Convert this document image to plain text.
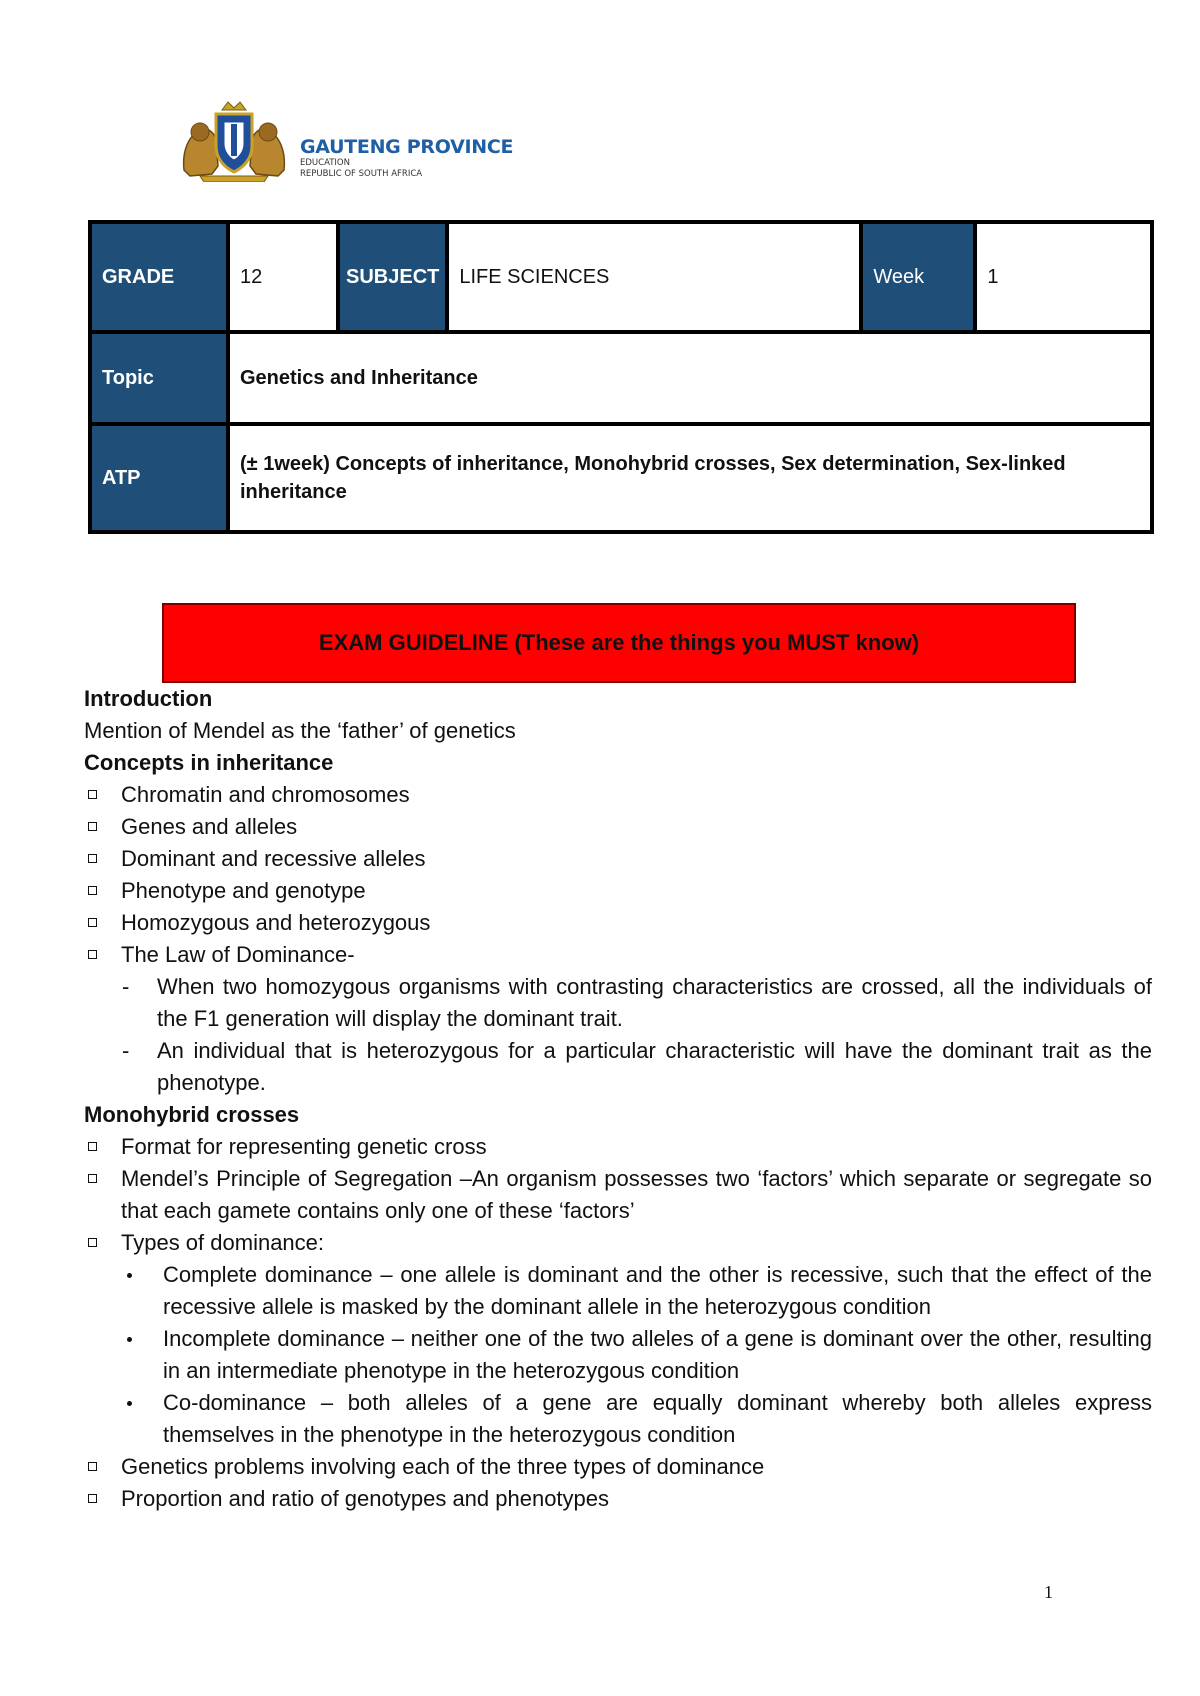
GAUTENG PROVINCE
EDUCATION
REPUBLIC OF SOUTH AFRICA
GRADE	12	SUBJECT	LIFE SCIENCES	Week	1
Topic	Genetics and Inheritance				
ATP	(± 1week) Concepts of inheritance, Monohybrid crosses, Sex determination, Sex-linked inheritance				
EXAM GUIDELINE (These are the things you MUST know)
Introduction
Mention of Mendel as the ‘father’ of genetics
Concepts in inheritance
Chromatin and chromosomes
Genes and alleles
Dominant and recessive alleles
Phenotype and genotype
Homozygous and heterozygous
The Law of Dominance-
- When two homozygous organisms with contrasting characteristics are crossed, all the individuals of the F1 generation will display the dominant trait.
- An individual that is heterozygous for a particular characteristic will have the dominant trait as the phenotype.
Monohybrid crosses
Format for representing genetic cross
Mendel’s Principle of Segregation –An organism possesses two ‘factors’ which separate or segregate so that each gamete contains only one of these ‘factors’
Types of dominance:
Complete dominance – one allele is dominant and the other is recessive, such that the effect of the recessive allele is masked by the dominant allele in the heterozygous condition
Incomplete dominance – neither one of the two alleles of a gene is dominant over the other, resulting in an intermediate phenotype in the heterozygous condition
Co-dominance – both alleles of a gene are equally dominant whereby both alleles express themselves in the phenotype in the heterozygous condition
Genetics problems involving each of the three types of dominance
Proportion and ratio of genotypes and phenotypes
1
